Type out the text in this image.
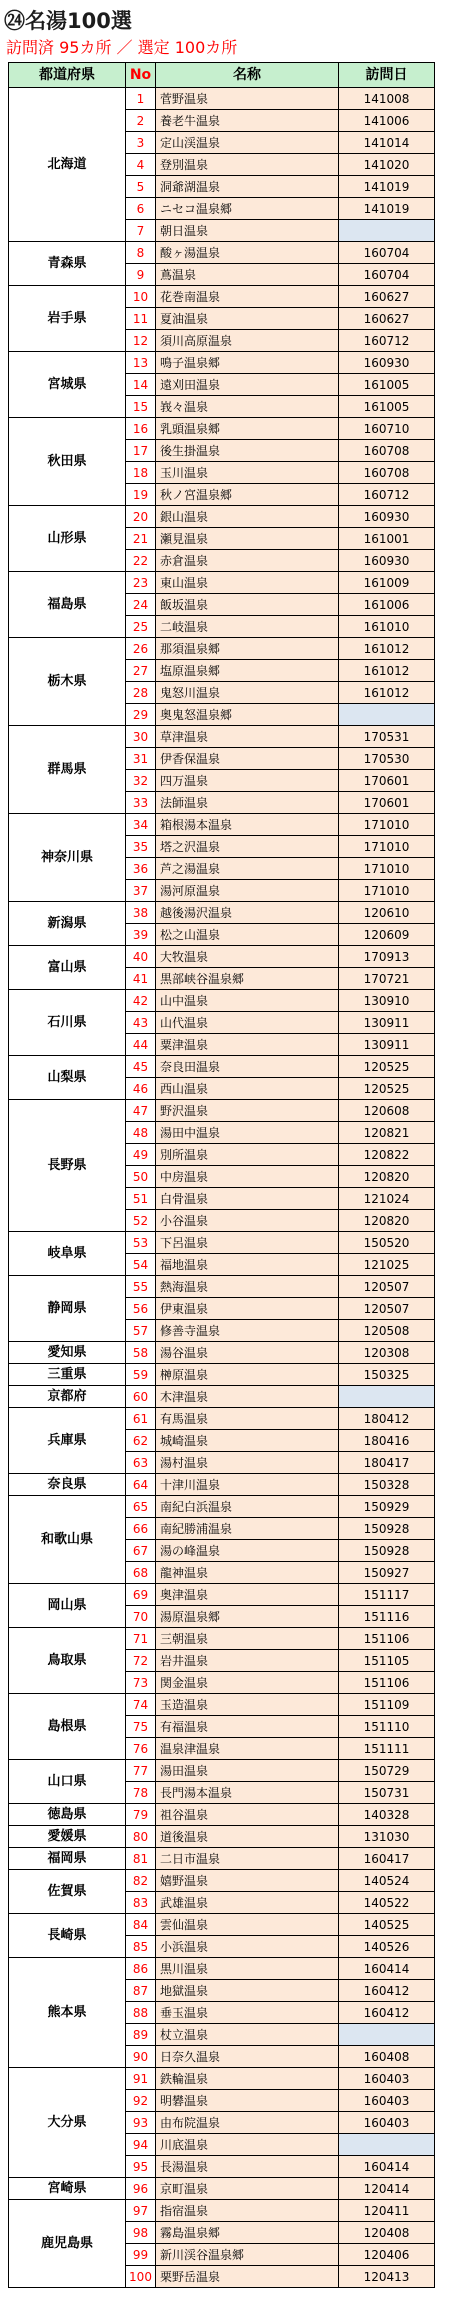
㉔名湯100選
訪問済 95カ所 ／ 選定 100カ所
都道府県	No	名称	訪問日
北海道	1	菅野温泉	141008
	2	養老牛温泉	141006
	3	定山渓温泉	141014
	4	登別温泉	141020
	5	洞爺湖温泉	141019
	6	ニセコ温泉郷	141019
	7	朝日温泉	
青森県	8	酸ヶ湯温泉	160704
	9	蔦温泉	160704
岩手県	10	花巻南温泉	160627
	11	夏油温泉	160627
	12	須川高原温泉	160712
宮城県	13	鳴子温泉郷	160930
	14	遠刈田温泉	161005
	15	峩々温泉	161005
秋田県	16	乳頭温泉郷	160710
	17	後生掛温泉	160708
	18	玉川温泉	160708
	19	秋ノ宮温泉郷	160712
山形県	20	銀山温泉	160930
	21	瀬見温泉	161001
	22	赤倉温泉	160930
福島県	23	東山温泉	161009
	24	飯坂温泉	161006
	25	二岐温泉	161010
栃木県	26	那須温泉郷	161012
	27	塩原温泉郷	161012
	28	鬼怒川温泉	161012
	29	奥鬼怒温泉郷	
群馬県	30	草津温泉	170531
	31	伊香保温泉	170530
	32	四万温泉	170601
	33	法師温泉	170601
神奈川県	34	箱根湯本温泉	171010
	35	塔之沢温泉	171010
	36	芦之湯温泉	171010
	37	湯河原温泉	171010
新潟県	38	越後湯沢温泉	120610
	39	松之山温泉	120609
富山県	40	大牧温泉	170913
	41	黒部峡谷温泉郷	170721
石川県	42	山中温泉	130910
	43	山代温泉	130911
	44	粟津温泉	130911
山梨県	45	奈良田温泉	120525
	46	西山温泉	120525
長野県	47	野沢温泉	120608
	48	湯田中温泉	120821
	49	別所温泉	120822
	50	中房温泉	120820
	51	白骨温泉	121024
	52	小谷温泉	120820
岐阜県	53	下呂温泉	150520
	54	福地温泉	121025
静岡県	55	熱海温泉	120507
	56	伊東温泉	120507
	57	修善寺温泉	120508
愛知県	58	湯谷温泉	120308
三重県	59	榊原温泉	150325
京都府	60	木津温泉	
兵庫県	61	有馬温泉	180412
	62	城崎温泉	180416
	63	湯村温泉	180417
奈良県	64	十津川温泉	150328
和歌山県	65	南紀白浜温泉	150929
	66	南紀勝浦温泉	150928
	67	湯の峰温泉	150928
	68	龍神温泉	150927
岡山県	69	奥津温泉	151117
	70	湯原温泉郷	151116
鳥取県	71	三朝温泉	151106
	72	岩井温泉	151105
	73	関金温泉	151106
島根県	74	玉造温泉	151109
	75	有福温泉	151110
	76	温泉津温泉	151111
山口県	77	湯田温泉	150729
	78	長門湯本温泉	150731
徳島県	79	祖谷温泉	140328
愛媛県	80	道後温泉	131030
福岡県	81	二日市温泉	160417
佐賀県	82	嬉野温泉	140524
	83	武雄温泉	140522
長崎県	84	雲仙温泉	140525
	85	小浜温泉	140526
熊本県	86	黒川温泉	160414
	87	地獄温泉	160412
	88	垂玉温泉	160412
	89	杖立温泉	
	90	日奈久温泉	160408
大分県	91	鉄輪温泉	160403
	92	明礬温泉	160403
	93	由布院温泉	160403
	94	川底温泉	
	95	長湯温泉	160414
宮崎県	96	京町温泉	120414
鹿児島県	97	指宿温泉	120411
	98	霧島温泉郷	120408
	99	新川渓谷温泉郷	120406
	100	栗野岳温泉	120413
